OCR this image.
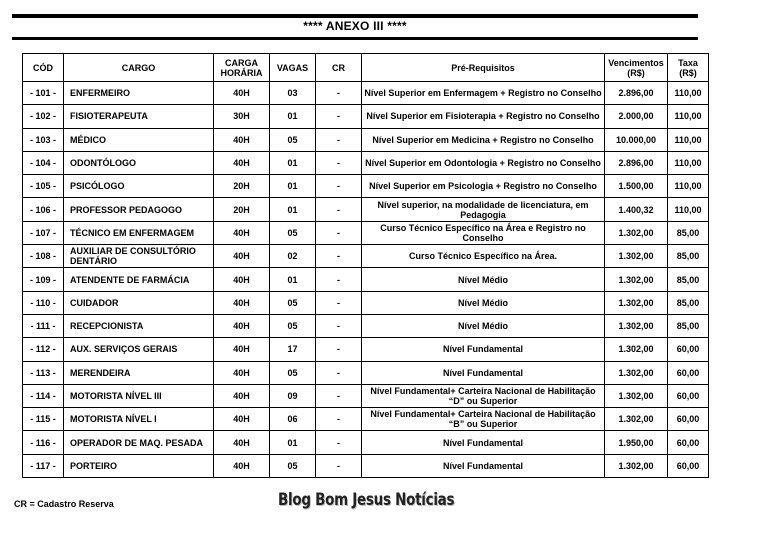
**** ANEXO III ****
CÓD	CARGO	CARGA HORÁRIA	VAGAS	CR	Pré-Requisitos	Vencimentos (R$)	Taxa (R$)
- 101 -	ENFERMEIRO	40H	03	-	Nível Superior em Enfermagem + Registro no Conselho	2.896,00	110,00
- 102 -	FISIOTERAPEUTA	30H	01	-	Nível Superior em Fisioterapia + Registro no Conselho	2.000,00	110,00
- 103 -	MÉDICO	40H	05	-	Nível Superior em Medicina + Registro no Conselho	10.000,00	110,00
- 104 -	ODONTÓLOGO	40H	01	-	Nível Superior em Odontologia + Registro no Conselho	2.896,00	110,00
- 105 -	PSICÓLOGO	20H	01	-	Nível Superior em Psicologia + Registro no Conselho	1.500,00	110,00
- 106 -	PROFESSOR PEDAGOGO	20H	01	-	Nível superior, na modalidade de licenciatura, em Pedagogia	1.400,32	110,00
- 107 -	TÉCNICO EM ENFERMAGEM	40H	05	-	Curso Técnico Específico na Área e Registro no Conselho	1.302,00	85,00
- 108 -	AUXILIAR DE CONSULTÓRIO DENTÁRIO	40H	02	-	Curso Técnico Específico na Área.	1.302,00	85,00
- 109 -	ATENDENTE DE FARMÁCIA	40H	01	-	Nível Médio	1.302,00	85,00
- 110 -	CUIDADOR	40H	05	-	Nível Médio	1.302,00	85,00
- 111 -	RECEPCIONISTA	40H	05	-	Nível Médio	1.302,00	85,00
- 112 -	AUX. SERVIÇOS GERAIS	40H	17	-	Nível Fundamental	1.302,00	60,00
- 113 -	MERENDEIRA	40H	05	-	Nível Fundamental	1.302,00	60,00
- 114 -	MOTORISTA NÍVEL III	40H	09	-	Nível Fundamental+ Carteira Nacional de Habilitação “D” ou Superior	1.302,00	60,00
- 115 -	MOTORISTA NÍVEL I	40H	06	-	Nível Fundamental+ Carteira Nacional de Habilitação “B” ou Superior	1.302,00	60,00
- 116 -	OPERADOR DE MAQ. PESADA	40H	01	-	Nível Fundamental	1.950,00	60,00
- 117 -	PORTEIRO	40H	05	-	Nível Fundamental	1.302,00	60,00
CR = Cadastro Reserva	Blog Bom Jesus Notícias
